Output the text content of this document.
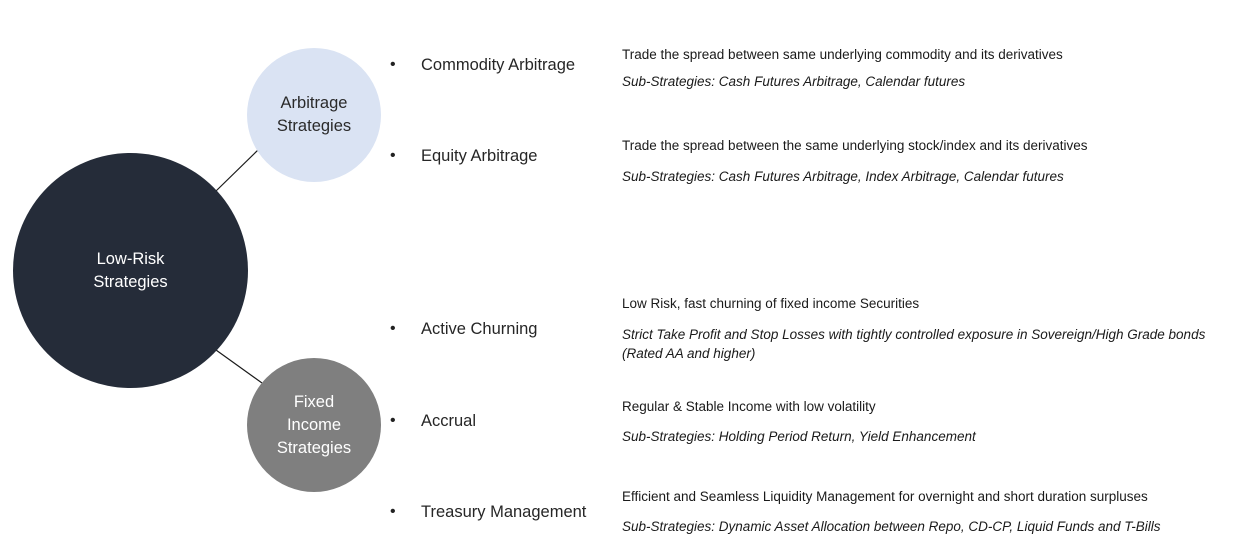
Low-Risk
Strategies
Arbitrage
Strategies
Fixed
Income
Strategies
• Commodity Arbitrage
Trade the spread between same underlying commodity and its derivatives
Sub-Strategies: Cash Futures Arbitrage, Calendar futures
• Equity Arbitrage
Trade the spread between the same underlying stock/index and its derivatives
Sub-Strategies: Cash Futures Arbitrage, Index Arbitrage, Calendar futures
• Active Churning
Low Risk, fast churning of fixed income Securities
Strict Take Profit and Stop Losses with tightly controlled exposure in Sovereign/High Grade bonds (Rated AA and higher)
• Accrual
Regular & Stable Income with low volatility
Sub-Strategies: Holding Period Return, Yield Enhancement
• Treasury Management
Efficient and Seamless Liquidity Management for overnight and short duration surpluses
Sub-Strategies: Dynamic Asset Allocation between Repo, CD-CP, Liquid Funds and T-Bills
